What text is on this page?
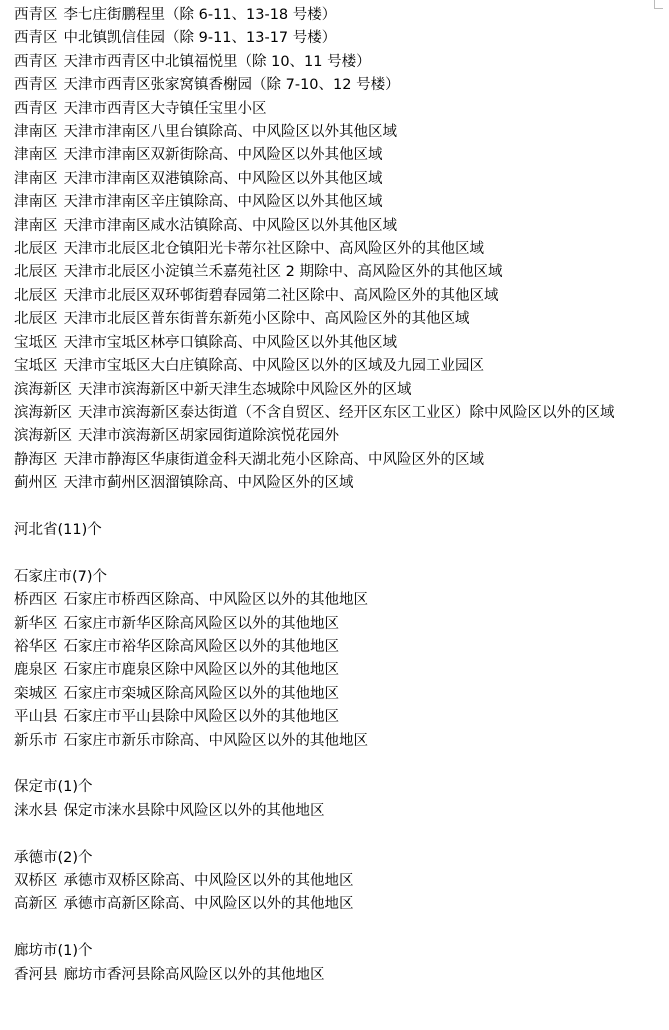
西青区 李七庄街鹏程里（除 6-11、13-18 号楼）
西青区 中北镇凯信佳园（除 9-11、13-17 号楼）
西青区 天津市西青区中北镇福悦里（除 10、11 号楼）
西青区 天津市西青区张家窝镇香榭园（除 7-10、12 号楼）
西青区 天津市西青区大寺镇任宝里小区
津南区 天津市津南区八里台镇除高、中风险区以外其他区域
津南区 天津市津南区双新街除高、中风险区以外其他区域
津南区 天津市津南区双港镇除高、中风险区以外其他区域
津南区 天津市津南区辛庄镇除高、中风险区以外其他区域
津南区 天津市津南区咸水沽镇除高、中风险区以外其他区域
北辰区 天津市北辰区北仓镇阳光卡蒂尔社区除中、高风险区外的其他区域
北辰区 天津市北辰区小淀镇兰禾嘉苑社区 2 期除中、高风险区外的其他区域
北辰区 天津市北辰区双环邨街碧春园第二社区除中、高风险区外的其他区域
北辰区 天津市北辰区普东街普东新苑小区除中、高风险区外的其他区域
宝坻区 天津市宝坻区林亭口镇除高、中风险区以外其他区域
宝坻区 天津市宝坻区大白庄镇除高、中风险区以外的区域及九园工业园区
滨海新区 天津市滨海新区中新天津生态城除中风险区外的区域
滨海新区 天津市滨海新区泰达街道（不含自贸区、经开区东区工业区）除中风险区以外的区域
滨海新区 天津市滨海新区胡家园街道除滨悦花园外
静海区 天津市静海区华康街道金科天湖北苑小区除高、中风险区外的区域
蓟州区 天津市蓟州区洇溜镇除高、中风险区外的区域
河北省(11)个
石家庄市(7)个
桥西区 石家庄市桥西区除高、中风险区以外的其他地区
新华区 石家庄市新华区除高风险区以外的其他地区
裕华区 石家庄市裕华区除高风险区以外的其他地区
鹿泉区 石家庄市鹿泉区除中风险区以外的其他地区
栾城区 石家庄市栾城区除高风险区以外的其他地区
平山县 石家庄市平山县除中风险区以外的其他地区
新乐市 石家庄市新乐市除高、中风险区以外的其他地区
保定市(1)个
涞水县 保定市涞水县除中风险区以外的其他地区
承德市(2)个
双桥区 承德市双桥区除高、中风险区以外的其他地区
高新区 承德市高新区除高、中风险区以外的其他地区
廊坊市(1)个
香河县 廊坊市香河县除高风险区以外的其他地区
